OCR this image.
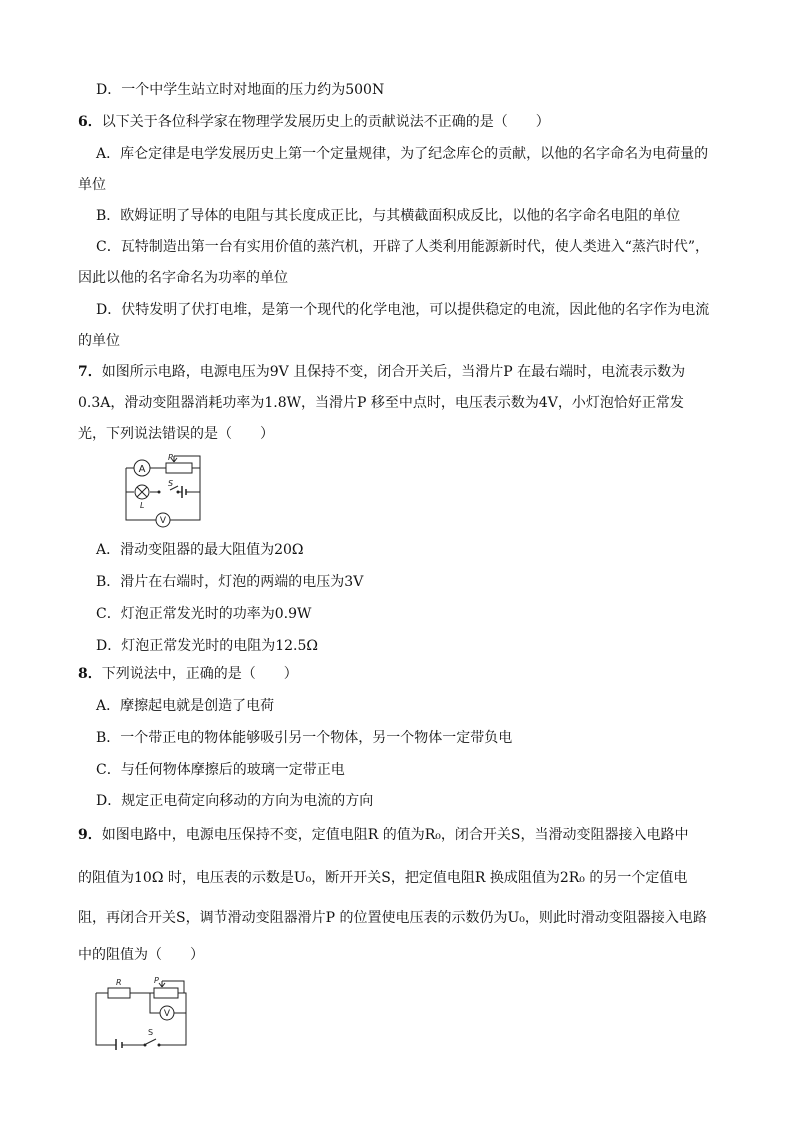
D．一个中学生站立时对地面的压力约为500N
6．以下关于各位科学家在物理学发展历史上的贡献说法不正确的是（　　）
A．库仑定律是电学发展历史上第一个定量规律，为了纪念库仑的贡献，以他的名字命名为电荷量的
单位
B．欧姆证明了导体的电阻与其长度成正比，与其横截面积成反比，以他的名字命名电阻的单位
C．瓦特制造出第一台有实用价值的蒸汽机，开辟了人类利用能源新时代，使人类进入“蒸汽时代”，
因此以他的名字命名为功率的单位
D．伏特发明了伏打电堆，是第一个现代的化学电池，可以提供稳定的电流，因此他的名字作为电流
的单位
7．如图所示电路，电源电压为9V 且保持不变，闭合开关后，当滑片P 在最右端时，电流表示数为
0.3A，滑动变阻器消耗功率为1.8W，当滑片P 移至中点时，电压表示数为4V，小灯泡恰好正常发
光，下列说法错误的是（　　）
A
P
L
S
V
A．滑动变阻器的最大阻值为20Ω
B．滑片在右端时，灯泡的两端的电压为3V
C．灯泡正常发光时的功率为0.9W
D．灯泡正常发光时的电阻为12.5Ω
8．下列说法中，正确的是（　　）
A．摩擦起电就是创造了电荷
B．一个带正电的物体能够吸引另一个物体，另一个物体一定带负电
C．与任何物体摩擦后的玻璃一定带正电
D．规定正电荷定向移动的方向为电流的方向
9．如图电路中，电源电压保持不变，定值电阻R 的值为R₀，闭合开关S，当滑动变阻器接入电路中
的阻值为10Ω 时，电压表的示数是U₀，断开开关S，把定值电阻R 换成阻值为2R₀ 的另一个定值电
阻，再闭合开关S，调节滑动变阻器滑片P 的位置使电压表的示数仍为U₀，则此时滑动变阻器接入电路
中的阻值为（　　）
R	P
V
S
